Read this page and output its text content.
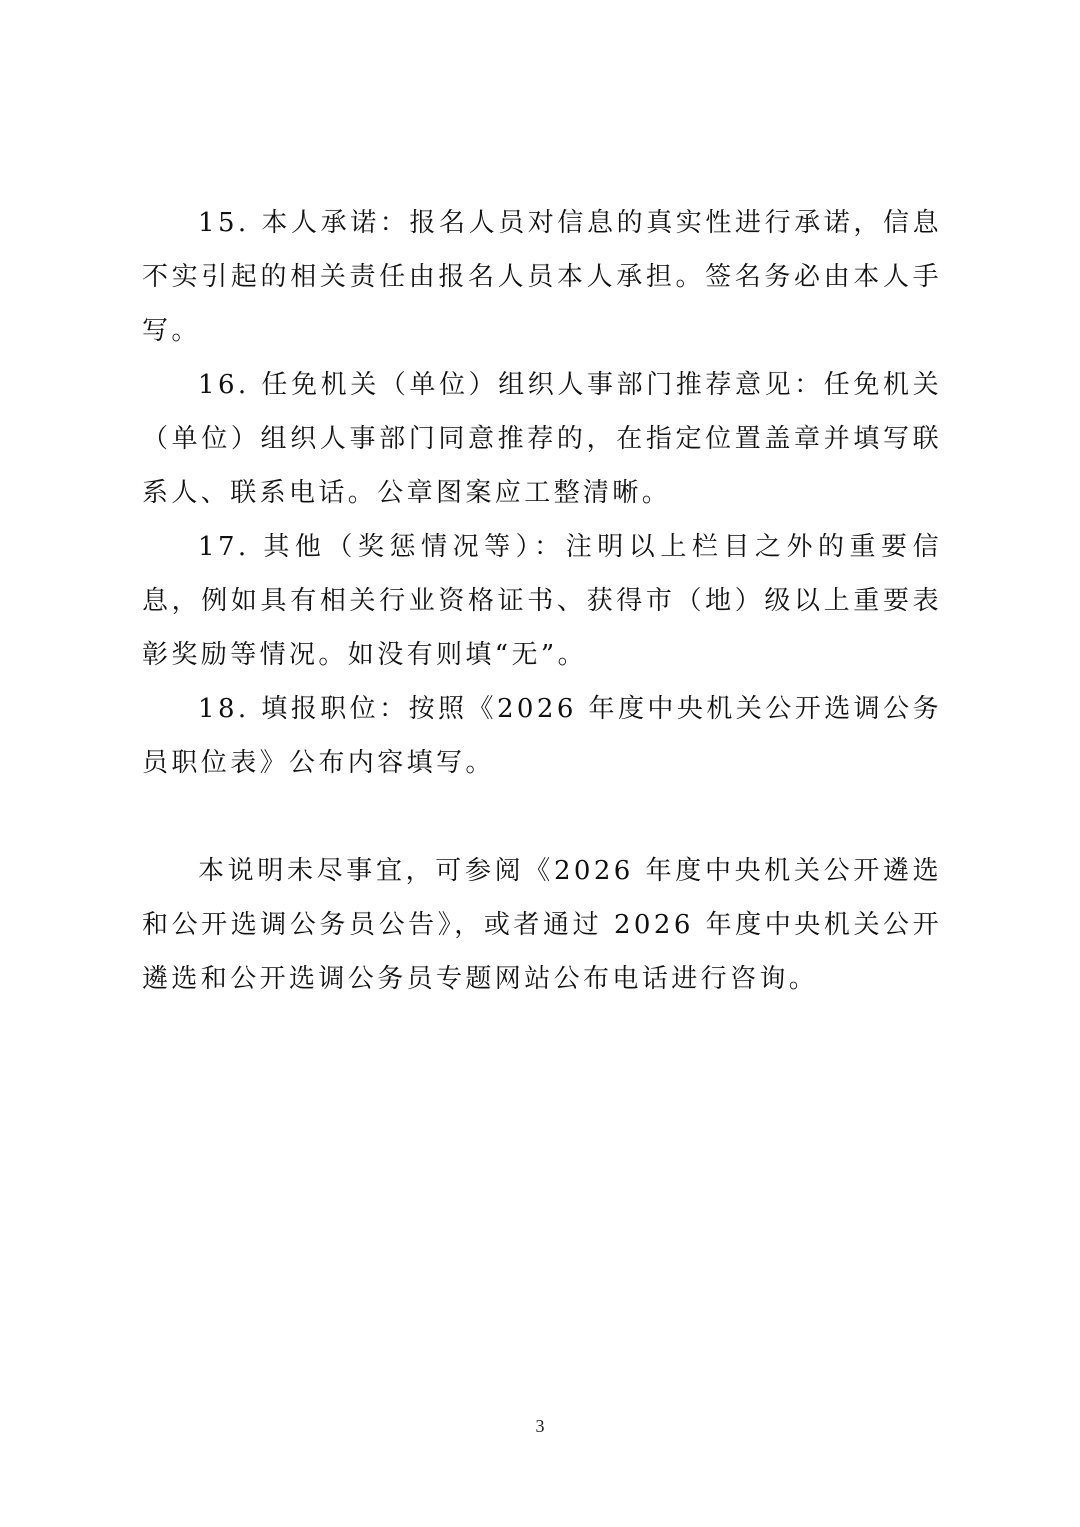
15. 本人承诺：报名人员对信息的真实性进行承诺，信息不实引起的相关责任由报名人员本人承担。签名务必由本人手写。

16. 任免机关（单位）组织人事部门推荐意见：任免机关（单位）组织人事部门同意推荐的，在指定位置盖章并填写联系人、联系电话。公章图案应工整清晰。

17. 其他（奖惩情况等）：注明以上栏目之外的重要信息，例如具有相关行业资格证书、获得市（地）级以上重要表彰奖励等情况。如没有则填“无”。

18. 填报职位：按照《2026 年度中央机关公开选调公务员职位表》公布内容填写。

本说明未尽事宜，可参阅《2026 年度中央机关公开遴选和公开选调公务员公告》，或者通过 2026 年度中央机关公开遴选和公开选调公务员专题网站公布电话进行咨询。

3
